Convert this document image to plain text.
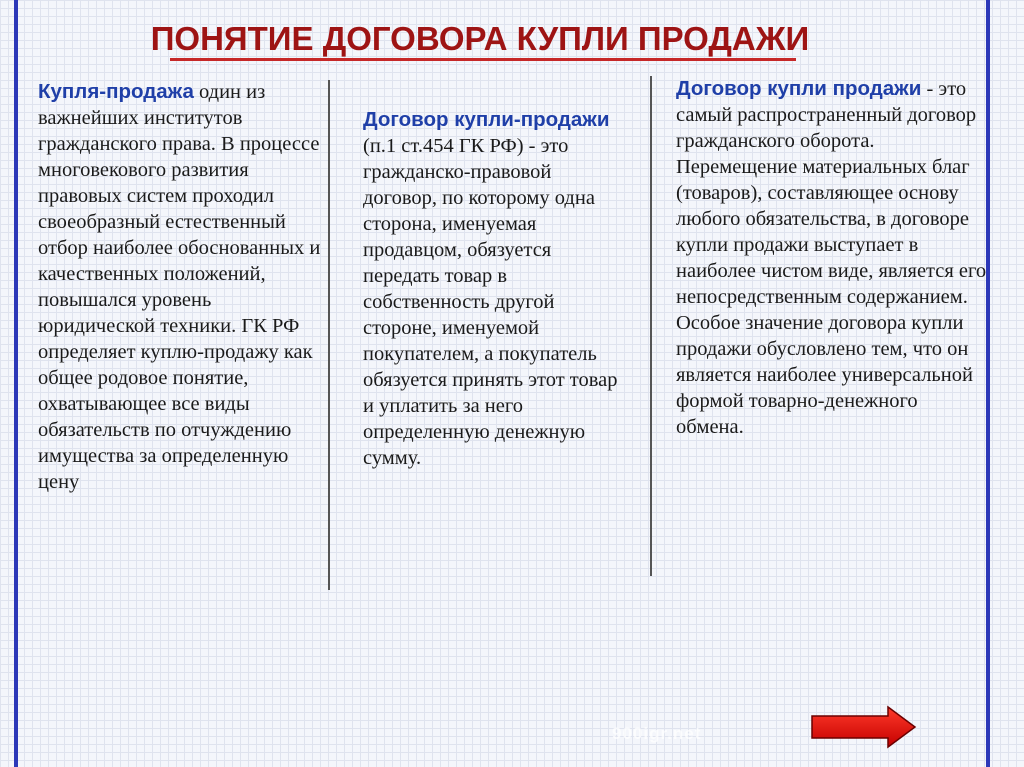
ПОНЯТИЕ ДОГОВОРА КУПЛИ ПРОДАЖИ

Купля-продажа один из важнейших институтов гражданского права. В процессе многовекового развития правовых систем проходил своеобразный естественный отбор наиболее обоснованных и качественных положений, повышался уровень юридической техники. ГК РФ определяет куплю-продажу как общее родовое понятие, охватывающее все виды обязательств по отчуждению имущества за определенную цену

Договор купли-продажи (п.1 ст.454 ГК РФ) - это гражданско-правовой договор, по которому одна сторона, именуемая продавцом, обязуется передать товар в собственность другой стороне, именуемой покупателем, а покупатель обязуется принять этот товар и уплатить за него определенную денежную сумму.

Договор купли продажи - это самый распространенный договор гражданского оборота. Перемещение материальных благ (товаров), составляющее основу любого обязательства, в договоре купли продажи выступает в наиболее чистом виде, является его непосредственным содержанием. Особое значение договора купли продажи обусловлено тем, что он является наиболее универсальной формой товарно-денежного обмена.

900igr.net
